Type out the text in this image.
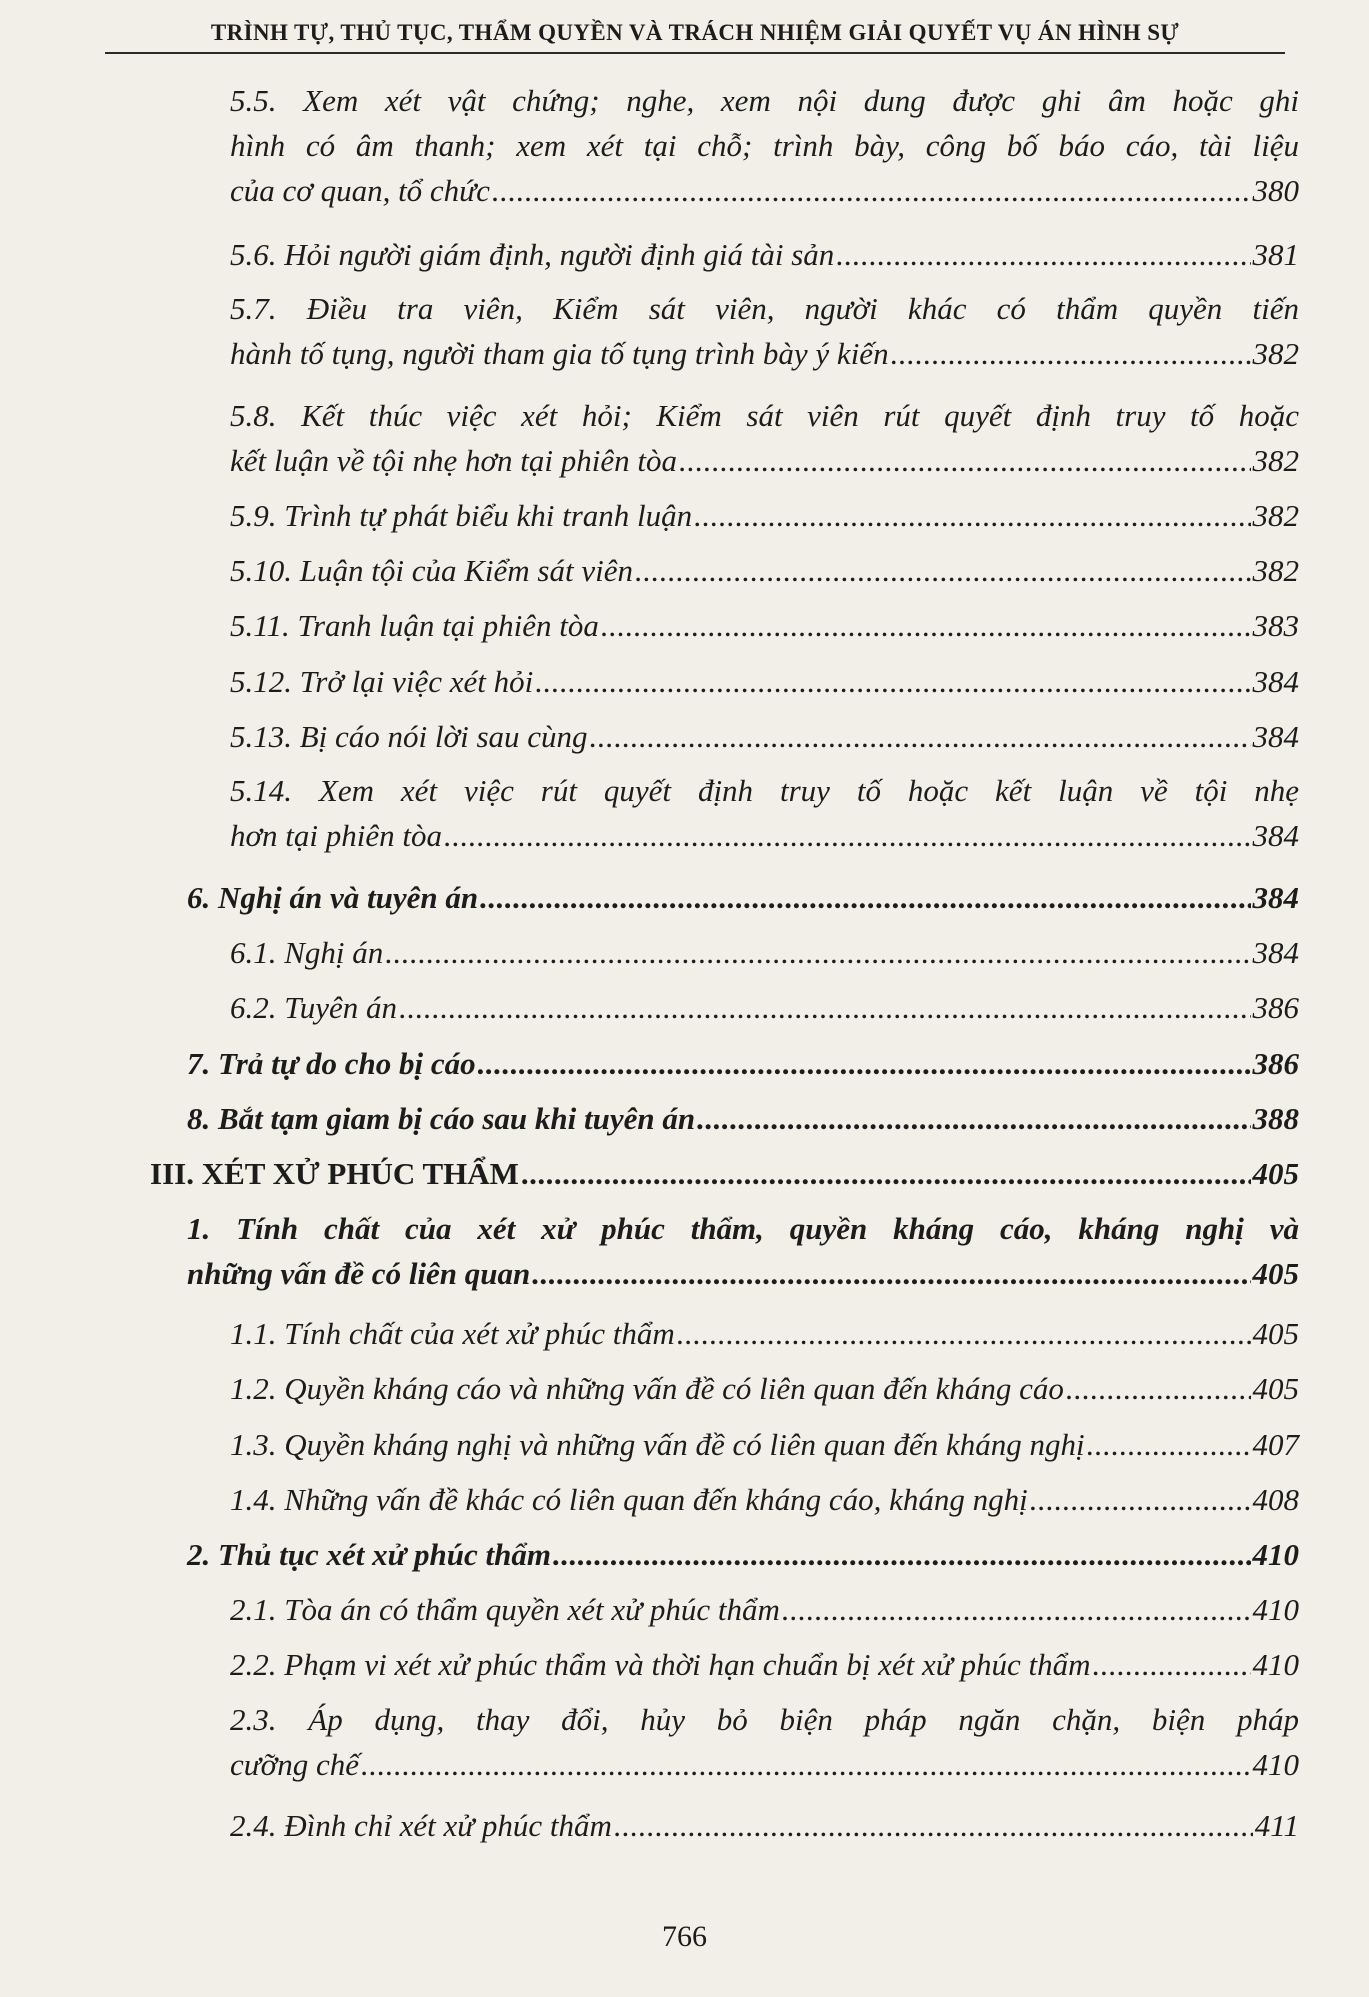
TRÌNH TỰ, THỦ TỤC, THẨM QUYỀN VÀ TRÁCH NHIỆM GIẢI QUYẾT VỤ ÁN HÌNH SỰ
5.5. Xem xét vật chứng; nghe, xem nội dung được ghi âm hoặc ghi
hình có âm thanh; xem xét tại chỗ; trình bày, công bố báo cáo, tài liệu
của cơ quan, tổ chức .....	380
5.6. Hỏi người giám định, người định giá tài sản .....	381
5.7. Điều tra viên, Kiểm sát viên, người khác có thẩm quyền tiến
hành tố tụng, người tham gia tố tụng trình bày ý kiến .....	382
5.8. Kết thúc việc xét hỏi; Kiểm sát viên rút quyết định truy tố hoặc
kết luận về tội nhẹ hơn tại phiên tòa .....	382
5.9. Trình tự phát biểu khi tranh luận .....	382
5.10. Luận tội của Kiểm sát viên .....	382
5.11. Tranh luận tại phiên tòa .....	383
5.12. Trở lại việc xét hỏi .....	384
5.13. Bị cáo nói lời sau cùng .....	384
5.14. Xem xét việc rút quyết định truy tố hoặc kết luận về tội nhẹ
hơn tại phiên tòa .....	384
6. Nghị án và tuyên án .....	384
6.1. Nghị án .....	384
6.2. Tuyên án .....	386
7. Trả tự do cho bị cáo .....	386
8. Bắt tạm giam bị cáo sau khi tuyên án .....	388
III. XÉT XỬ PHÚC THẨM .....	405
1. Tính chất của xét xử phúc thẩm, quyền kháng cáo, kháng nghị và
những vấn đề có liên quan .....	405
1.1. Tính chất của xét xử phúc thẩm .....	405
1.2. Quyền kháng cáo và những vấn đề có liên quan đến kháng cáo .....	405
1.3. Quyền kháng nghị và những vấn đề có liên quan đến kháng nghị .....	407
1.4. Những vấn đề khác có liên quan đến kháng cáo, kháng nghị .....	408
2. Thủ tục xét xử phúc thẩm .....	410
2.1. Tòa án có thẩm quyền xét xử phúc thẩm .....	410
2.2. Phạm vi xét xử phúc thẩm và thời hạn chuẩn bị xét xử phúc thẩm .....	410
2.3. Áp dụng, thay đổi, hủy bỏ biện pháp ngăn chặn, biện pháp
cưỡng chế .....	410
2.4. Đình chỉ xét xử phúc thẩm .....	411
766
